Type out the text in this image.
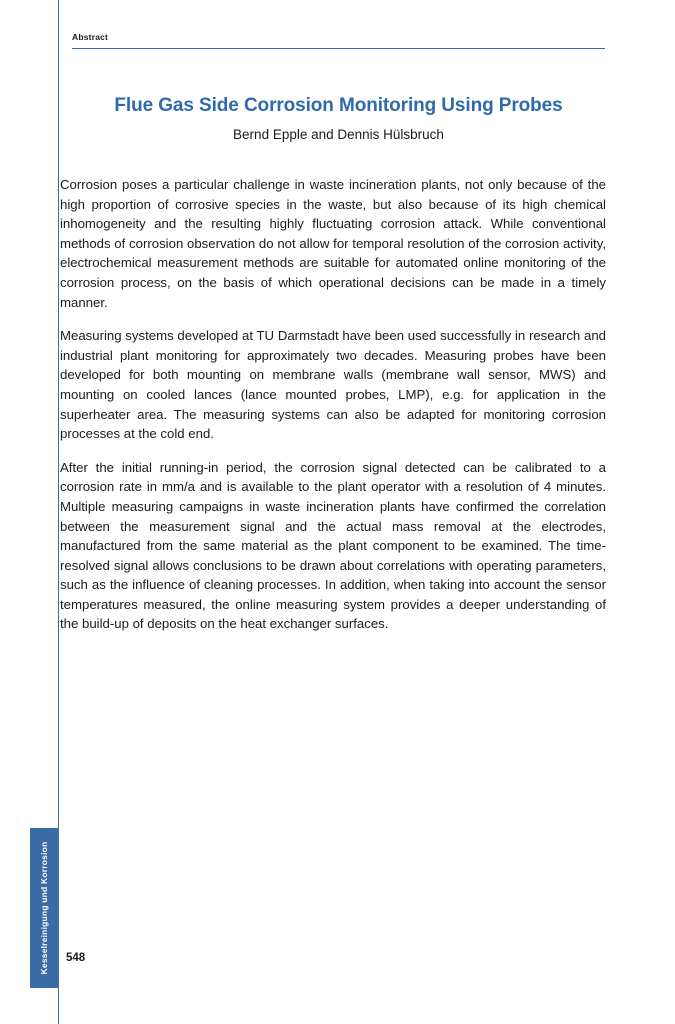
Kesselreinigung und Korrosion
Abstract
Flue Gas Side Corrosion Monitoring Using Probes
Bernd Epple and Dennis Hülsbruch

Corrosion poses a particular challenge in waste incineration plants, not only because of the high proportion of corrosive species in the waste, but also because of its high chemical inhomogeneity and the resulting highly fluctuating corrosion attack. While conventional methods of corrosion observation do not allow for temporal resolution of the corrosion activity, electrochemical measurement methods are suitable for automated online monitoring of the corrosion process, on the basis of which operational decisions can be made in a timely manner.

Measuring systems developed at TU Darmstadt have been used successfully in research and industrial plant monitoring for approximately two decades. Measuring probes have been developed for both mounting on membrane walls (membrane wall sensor, MWS) and mounting on cooled lances (lance mounted probes, LMP), e.g. for application in the superheater area. The measuring systems can also be adapted for monitoring corrosion processes at the cold end.

After the initial running-in period, the corrosion signal detected can be calibrated to a corrosion rate in mm/a and is available to the plant operator with a resolution of 4 minutes. Multiple measuring campaigns in waste incineration plants have confirmed the correlation between the measurement signal and the actual mass removal at the electrodes, manufactured from the same material as the plant component to be examined. The time-resolved signal allows conclusions to be drawn about correlations with operating parameters, such as the influence of cleaning processes. In addition, when taking into account the sensor temperatures measured, the online measuring system provides a deeper understanding of the build-up of deposits on the heat exchanger surfaces.

548
